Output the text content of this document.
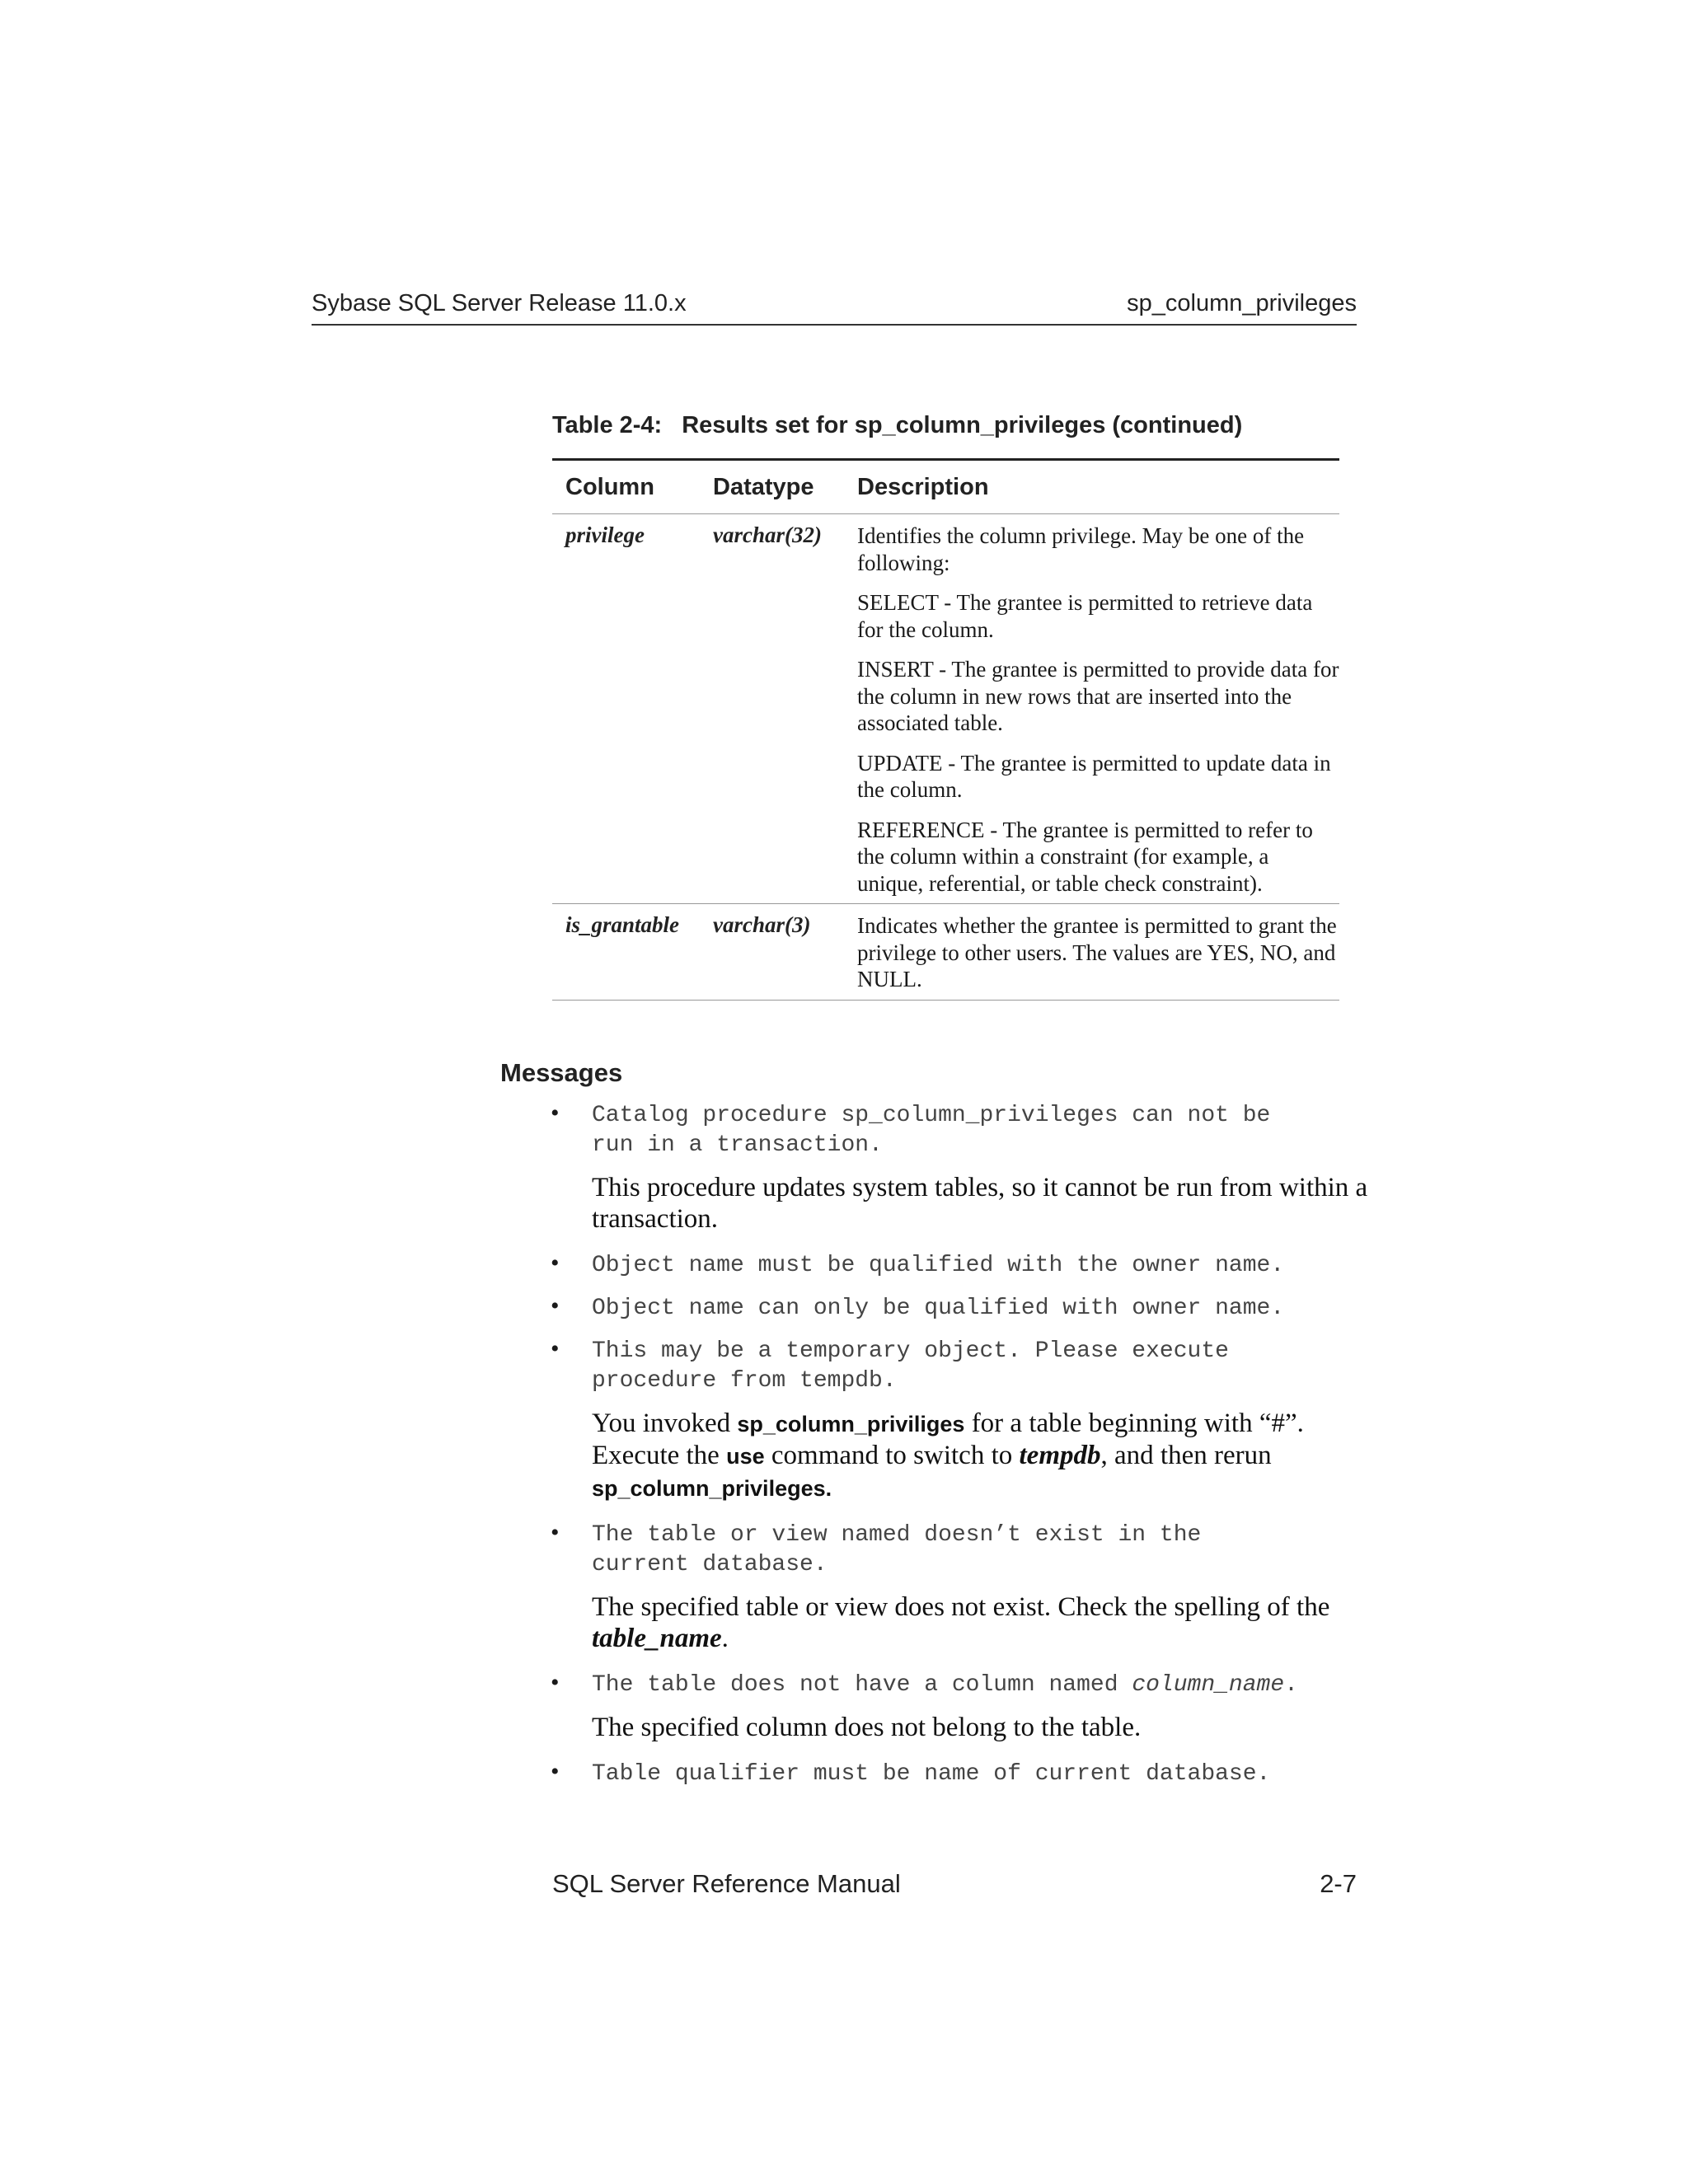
Sybase SQL Server Release 11.0.x	sp_column_privileges
Table 2-4: Results set for sp_column_privileges (continued)
Column	Datatype	Description
privilege	varchar(32)	Identifies the column privilege. May be one of the following:

SELECT - The grantee is permitted to retrieve data for the column.

INSERT - The grantee is permitted to provide data for the column in new rows that are inserted into the associated table.

UPDATE - The grantee is permitted to update data in the column.

REFERENCE - The grantee is permitted to refer to the column within a constraint (for example, a unique, referential, or table check constraint).

is_grantable	varchar(3)	Indicates whether the grantee is permitted to grant the privilege to other users. The values are YES, NO, and NULL.

Messages
• Catalog procedure sp_column_privileges can not be
run in a transaction.
This procedure updates system tables, so it cannot be run from within a transaction.
• Object name must be qualified with the owner name.
• Object name can only be qualified with owner name.
• This may be a temporary object. Please execute
procedure from tempdb.
You invoked sp_column_priviliges for a table beginning with “#”. Execute the use command to switch to tempdb, and then rerun sp_column_privileges.
• The table or view named doesn’t exist in the
current database.
The specified table or view does not exist. Check the spelling of the table_name.
• The table does not have a column named column_name.
The specified column does not belong to the table.
• Table qualifier must be name of current database.
SQL Server Reference Manual	2-7
